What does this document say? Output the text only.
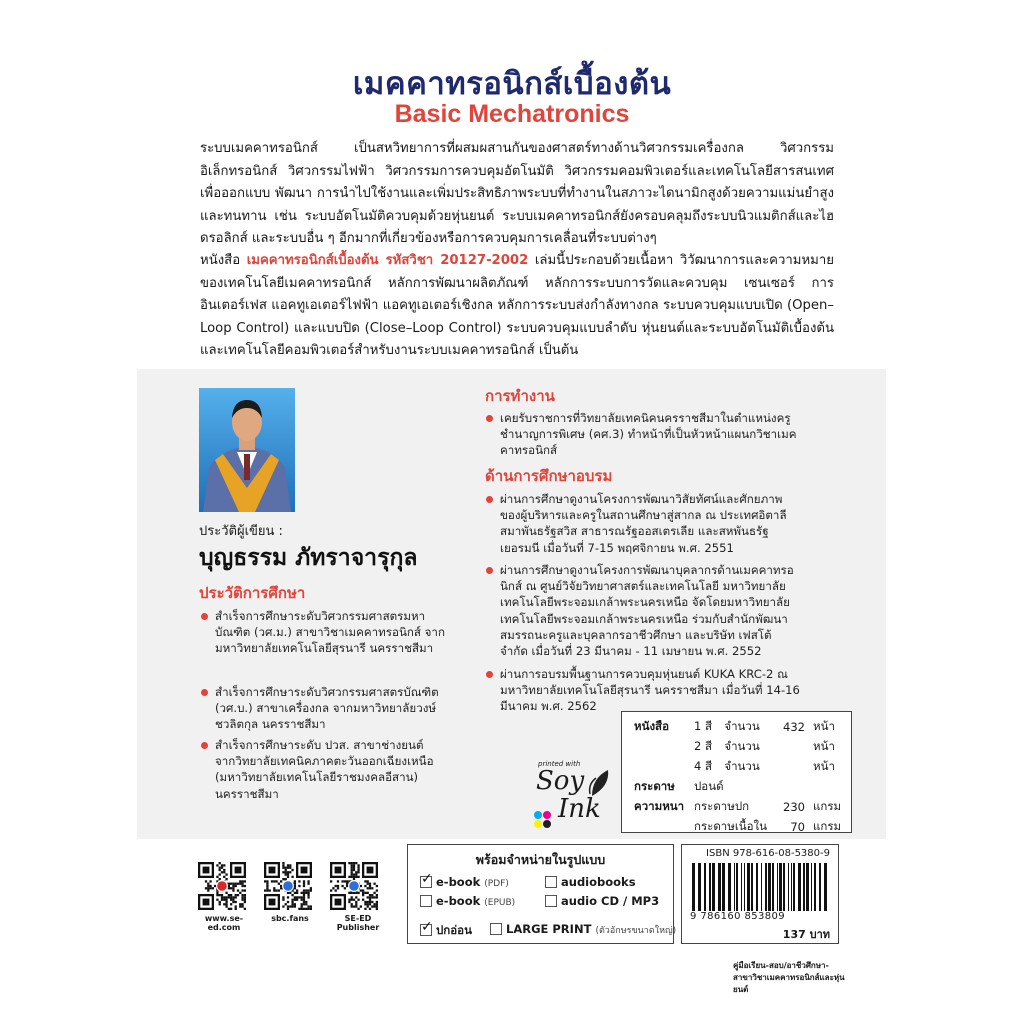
เมคคาทรอนิกส์เบื้องต้น
Basic Mechatronics
ระบบเมคคาทรอนิกส์ เป็นสหวิทยาการที่ผสมผสานกันของศาสตร์ทางด้านวิศวกรรมเครื่องกล วิศวกรรมอิเล็กทรอนิกส์ วิศวกรรมไฟฟ้า วิศวกรรมการควบคุมอัตโนมัติ วิศวกรรมคอมพิวเตอร์และเทคโนโลยีสารสนเทศ เพื่อออกแบบ พัฒนา การนำไปใช้งานและเพิ่มประสิทธิภาพระบบที่ทำงานในสภาวะไดนามิกสูงด้วยความแม่นยำสูงและทนทาน เช่น ระบบอัตโนมัติควบคุมด้วยหุ่นยนต์ ระบบเมคคาทรอนิกส์ยังครอบคลุมถึงระบบนิวแมติกส์และไฮดรอลิกส์ และระบบอื่น ๆ อีกมากที่เกี่ยวข้องหรือการควบคุมการเคลื่อนที่ระบบต่างๆ
หนังสือ เมคคาทรอนิกส์เบื้องต้น รหัสวิชา 20127-2002 เล่มนี้ประกอบด้วยเนื้อหา วิวัฒนาการและความหมายของเทคโนโลยีเมคคาทรอนิกส์ หลักการพัฒนาผลิตภัณฑ์ หลักการระบบการวัดและควบคุม เซนเซอร์ การอินเตอร์เฟส แอคทูเอเตอร์ไฟฟ้า แอคทูเอเตอร์เชิงกล หลักการระบบส่งกำลังทางกล ระบบควบคุมแบบเปิด (Open–Loop Control) และแบบปิด (Close–Loop Control) ระบบควบคุมแบบลำดับ หุ่นยนต์และระบบอัตโนมัติเบื้องต้น และเทคโนโลยีคอมพิวเตอร์สำหรับงานระบบเมคคาทรอนิกส์ เป็นต้น
ประวัติผู้เขียน :
บุญธรรม ภัทราจารุกุล
ประวัติการศึกษา
สำเร็จการศึกษาระดับวิศวกรรมศาสตรมหาบัณฑิต (วศ.ม.) สาขาวิชาเมคคาทรอนิกส์ จากมหาวิทยาลัยเทคโนโลยีสุรนารี นครราชสีมา
สำเร็จการศึกษาระดับวิศวกรรมศาสตรบัณฑิต (วศ.บ.) สาขาเครื่องกล จากมหาวิทยาลัยวงษ์ชวลิตกุล นครราชสีมา
สำเร็จการศึกษาระดับ ปวส. สาขาช่างยนต์ จากวิทยาลัยเทคนิคภาคตะวันออกเฉียงเหนือ (มหาวิทยาลัยเทคโนโลยีราชมงคลอีสาน) นครราชสีมา
การทำงาน
เคยรับราชการที่วิทยาลัยเทคนิคนครราชสีมาในตำแหน่งครูชำนาญการพิเศษ (คศ.3) ทำหน้าที่เป็นหัวหน้าแผนกวิชาเมคคาทรอนิกส์
ด้านการศึกษาอบรม
ผ่านการศึกษาดูงานโครงการพัฒนาวิสัยทัศน์และศักยภาพของผู้บริหารและครูในสถานศึกษาสู่สากล ณ ประเทศอิตาลี สมาพันธรัฐสวิส สาธารณรัฐออสเตรเลีย และสหพันธรัฐเยอรมนี เมื่อวันที่ 7-15 พฤศจิกายน พ.ศ. 2551
ผ่านการศึกษาดูงานโครงการพัฒนาบุคลากรด้านเมคคาทรอนิกส์ ณ ศูนย์วิจัยวิทยาศาสตร์และเทคโนโลยี มหาวิทยาลัยเทคโนโลยีพระจอมเกล้าพระนครเหนือ จัดโดยมหาวิทยาลัยเทคโนโลยีพระจอมเกล้าพระนครเหนือ ร่วมกับสำนักพัฒนาสมรรถนะครูและบุคลากรอาชีวศึกษา และบริษัท เฟสโต้ จำกัด เมื่อวันที่ 23 มีนาคม - 11 เมษายน พ.ศ. 2552
ผ่านการอบรมพื้นฐานการควบคุมหุ่นยนต์ KUKA KRC-2 ณ มหาวิทยาลัยเทคโนโลยีสุรนารี นครราชสีมา เมื่อวันที่ 14-16 มีนาคม พ.ศ. 2562
printed with
Soy
Ink
หนังสือ	1 สี	จำนวน	432	หน้า
	2 สี	จำนวน		หน้า
	4 สี	จำนวน		หน้า
กระดาษ	ปอนด์			
ความหนา	กระดาษปก		230	แกรม
	กระดาษเนื้อใน		70	แกรม
www.se-ed.com
sbc.fans	SE-ED Publisher
พร้อมจำหน่ายในรูปแบบ
✓e-book (PDF)
e-book (EPUB)
audiobooks
audio CD / MP3
✓ปกอ่อน	LARGE PRINT (ตัวอักษรขนาดใหญ่)
ISBN 978-616-08-5380-9
9 786160 853809
137 บาท
คู่มือเรียน-สอบ/อาชีวศึกษา-
สาขาวิชาเมคคาทรอนิกส์และหุ่นยนต์
